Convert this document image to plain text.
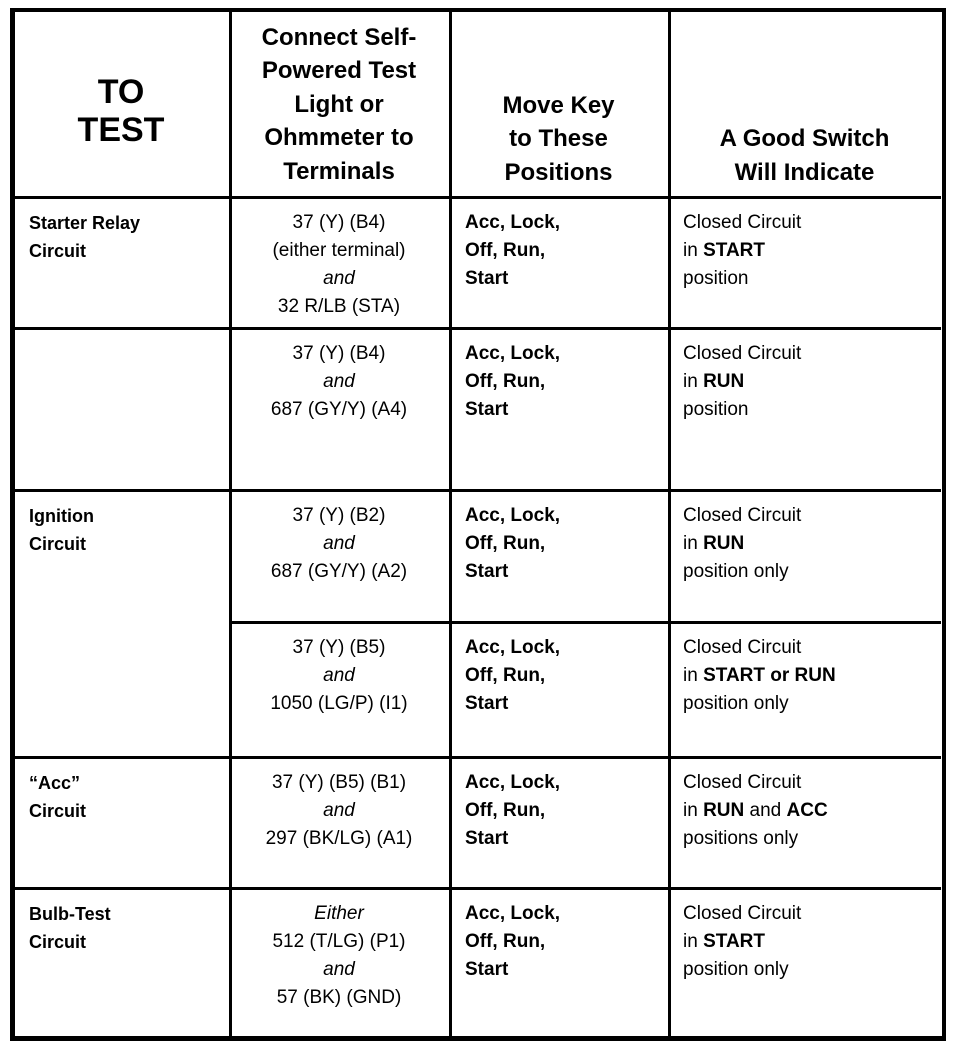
TO
TEST
Connect Self-
Powered Test
Light or
Ohmmeter to
Terminals
Move Key
to These
Positions
A Good Switch
Will Indicate
Starter Relay
Circuit
37 (Y) (B4)
(either terminal)
and
32 R/LB (STA)
Acc, Lock,
Off, Run,
Start
Closed Circuit
in START
position
37 (Y) (B4)
and
687 (GY/Y) (A4)
Acc, Lock,
Off, Run,
Start
Closed Circuit
in RUN
position
Ignition
Circuit
37 (Y) (B2)
and
687 (GY/Y) (A2)
Acc, Lock,
Off, Run,
Start
Closed Circuit
in RUN
position only
37 (Y) (B5)
and
1050 (LG/P) (I1)
Acc, Lock,
Off, Run,
Start
Closed Circuit
in START or RUN
position only
“Acc”
Circuit
37 (Y) (B5) (B1)
and
297 (BK/LG) (A1)
Acc, Lock,
Off, Run,
Start
Closed Circuit
in RUN and ACC
positions only
Bulb-Test
Circuit
Either
512 (T/LG) (P1)
and
57 (BK) (GND)
Acc, Lock,
Off, Run,
Start
Closed Circuit
in START
position only
